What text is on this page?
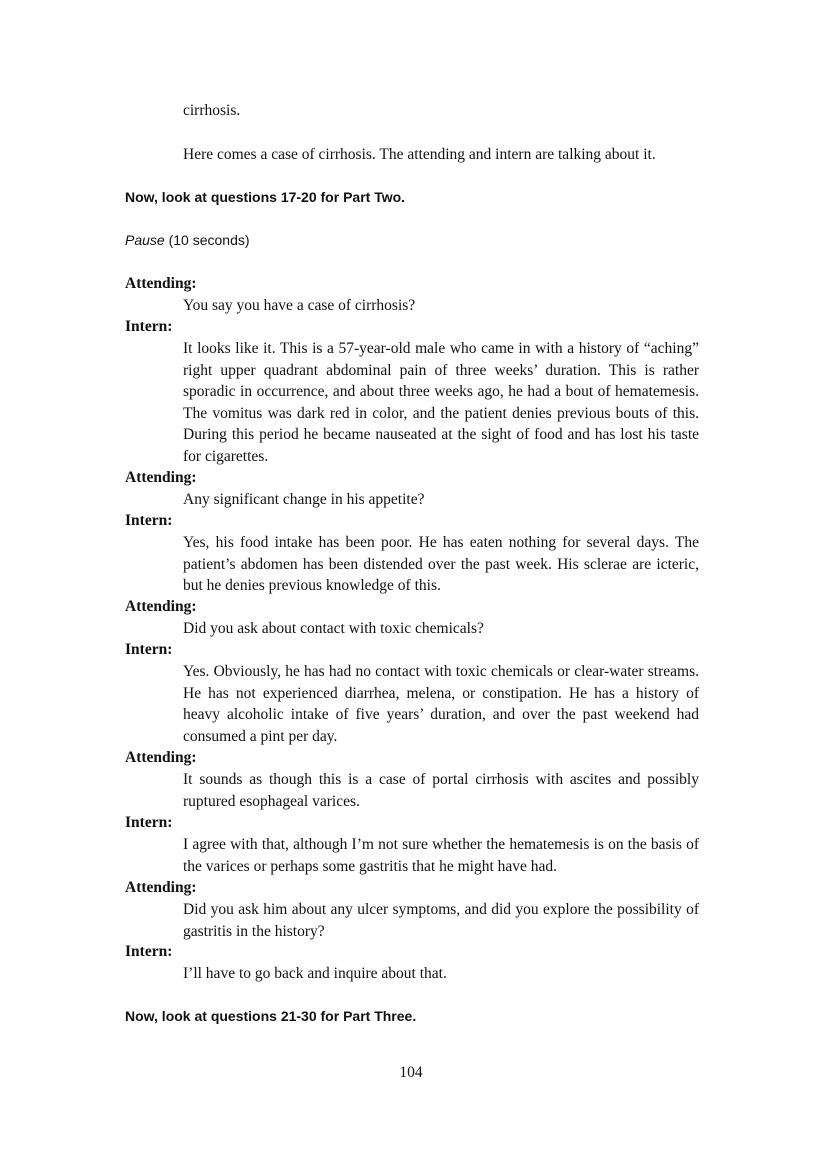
cirrhosis.
Here comes a case of cirrhosis. The attending and intern are talking about it.
Now, look at questions 17-20 for Part Two.
Pause (10 seconds)
Attending:
You say you have a case of cirrhosis?
Intern:
It looks like it. This is a 57-year-old male who came in with a history of “aching” right upper quadrant abdominal pain of three weeks’ duration. This is rather sporadic in occurrence, and about three weeks ago, he had a bout of hematemesis. The vomitus was dark red in color, and the patient denies previous bouts of this. During this period he became nauseated at the sight of food and has lost his taste for cigarettes.
Attending:
Any significant change in his appetite?
Intern:
Yes, his food intake has been poor. He has eaten nothing for several days. The patient’s abdomen has been distended over the past week. His sclerae are icteric, but he denies previous knowledge of this.
Attending:
Did you ask about contact with toxic chemicals?
Intern:
Yes. Obviously, he has had no contact with toxic chemicals or clear-water streams. He has not experienced diarrhea, melena, or constipation. He has a history of heavy alcoholic intake of five years’ duration, and over the past weekend had consumed a pint per day.
Attending:
It sounds as though this is a case of portal cirrhosis with ascites and possibly ruptured esophageal varices.
Intern:
I agree with that, although I’m not sure whether the hematemesis is on the basis of the varices or perhaps some gastritis that he might have had.
Attending:
Did you ask him about any ulcer symptoms, and did you explore the possibility of gastritis in the history?
Intern:
I’ll have to go back and inquire about that.
Now, look at questions 21-30 for Part Three.
104
